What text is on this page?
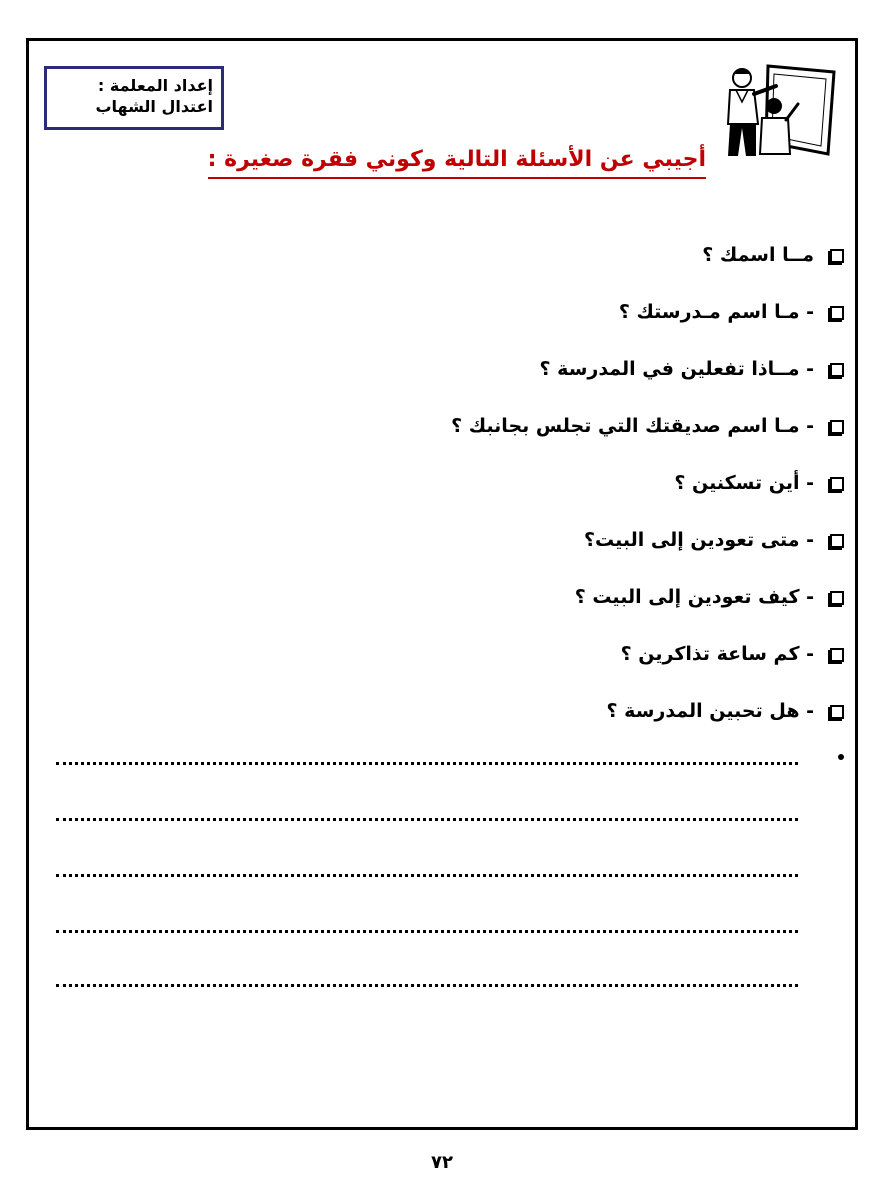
إعداد المعلمة :
اعتدال الشهاب
أجيبي عن الأسئلة التالية وكوني فقرة صغيرة :
مــا اسمك ؟
- مـا اسم مـدرستك ؟
- مــاذا تفعلين في المدرسة ؟
- مـا اسم صديقتك التي تجلس بجانبك ؟
- أين تسكنين ؟
- متى تعودين إلى البيت؟
- كيف تعودين إلى البيت ؟
- كم ساعة تذاكرين ؟
- هل تحبين المدرسة ؟
٧٢
